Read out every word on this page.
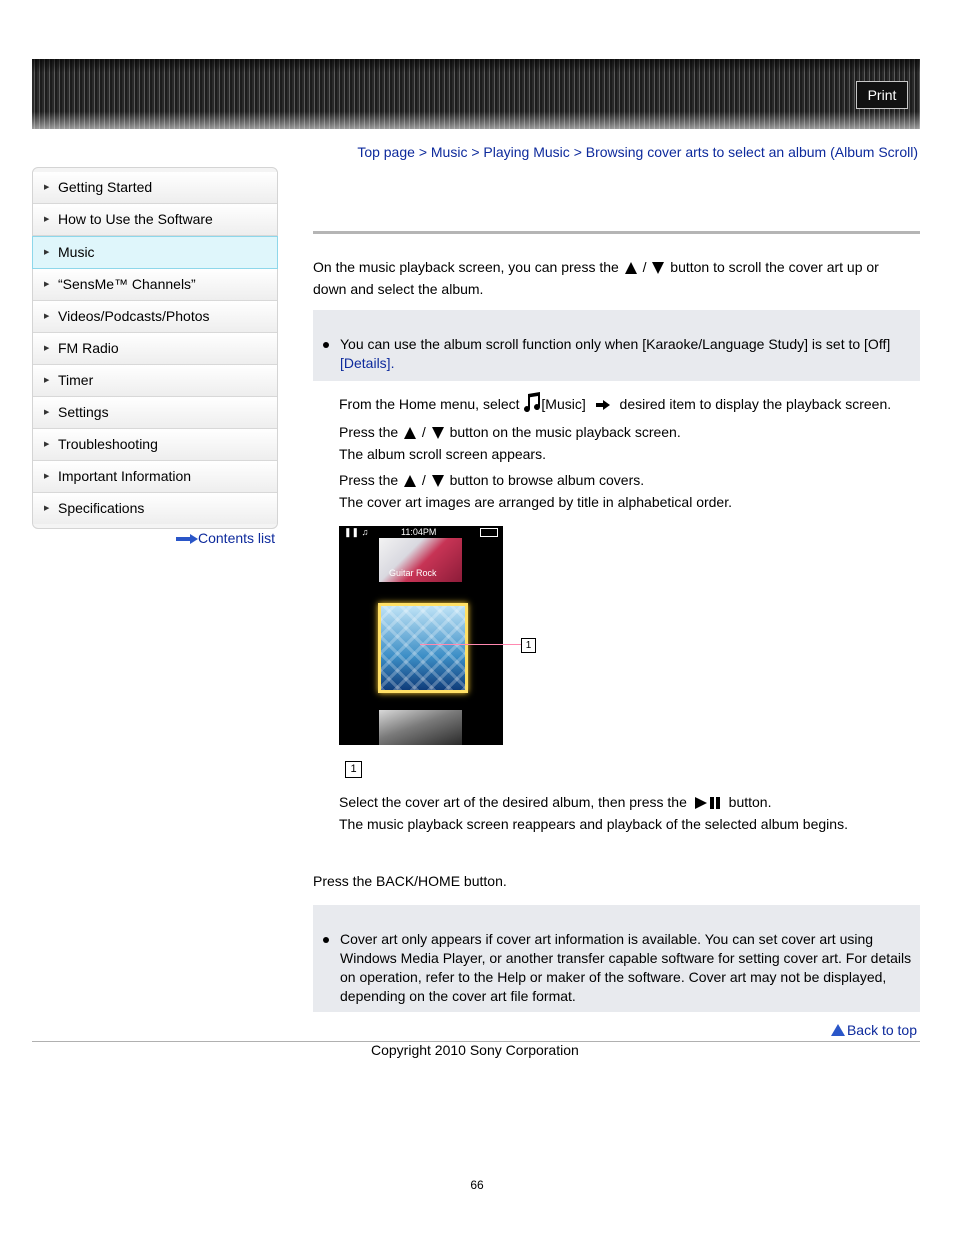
Print
Top page > Music > Playing Music > Browsing cover arts to select an album (Album Scroll)
▶ Getting Started
▶ How to Use the Software
▶ Music
▶ “SensMe™ Channels”
▶ Videos/Podcasts/Photos
▶ FM Radio
▶ Timer
▶ Settings
▶ Troubleshooting
▶ Important Information
▶ Specifications
Contents list
On the music playback screen, you can press the / button to scroll the cover art up or
down and select the album.
You can use the album scroll function only when [Karaoke/Language Study] is set to [Off]
[Details].
From the Home menu, select [Music] desired item to display the playback screen.
Press the / button on the music playback screen.
The album scroll screen appears.
Press the / button to browse album covers.
The cover art images are arranged by title in alphabetical order.
❚❚ ♫	11:04PM
Guitar Rock
1
1
Select the cover art of the desired album, then press the	button.
The music playback screen reappears and playback of the selected album begins.
Press the BACK/HOME button.
Cover art only appears if cover art information is available. You can set cover art using Windows Media Player, or another transfer capable software for setting cover art. For details on operation, refer to the Help or maker of the software. Cover art may not be displayed, depending on the cover art file format.
Back to top
Copyright 2010 Sony Corporation
66
